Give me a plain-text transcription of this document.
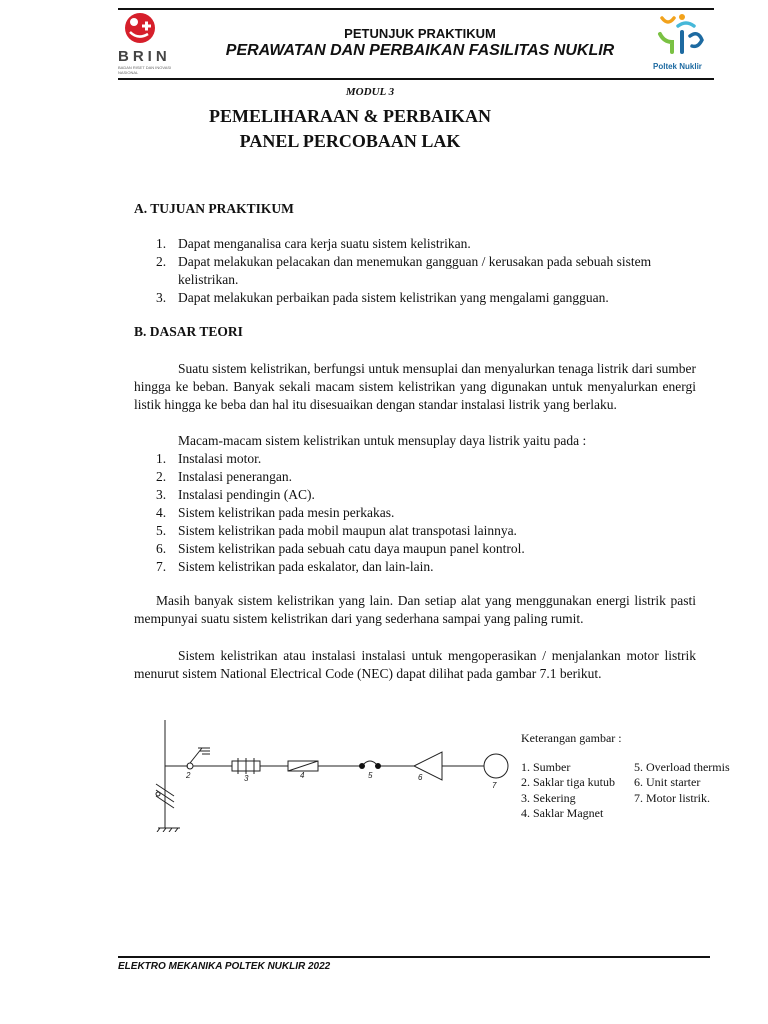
BRIN
BADAN RISET DAN INOVASI NASIONAL
PETUNJUK PRAKTIKUM
PERAWATAN DAN PERBAIKAN FASILITAS NUKLIR
Poltek Nuklir
MODUL 3
PEMELIHARAAN & PERBAIKAN
PANEL PERCOBAAN LAK
A. TUJUAN PRAKTIKUM
1. Dapat menganalisa cara kerja suatu sistem kelistrikan.
2. Dapat melakukan pelacakan dan menemukan gangguan / kerusakan pada sebuah sistem kelistrikan.
3. Dapat melakukan perbaikan pada sistem kelistrikan yang mengalami gangguan.
B. DASAR TEORI
Suatu sistem kelistrikan, berfungsi untuk mensuplai dan menyalurkan tenaga listrik dari sumber hingga ke beban. Banyak sekali macam sistem kelistrikan yang digunakan untuk menyalurkan energi listik hingga ke beba dan hal itu disesuaikan dengan standar instalasi listrik yang berlaku.
Macam-macam sistem kelistrikan untuk mensuplay daya listrik yaitu pada :
1. Instalasi motor.
2. Instalasi penerangan.
3. Instalasi pendingin (AC).
4. Sistem kelistrikan pada mesin perkakas.
5. Sistem kelistrikan pada mobil maupun alat transpotasi lainnya.
6. Sistem kelistrikan pada sebuah catu daya maupun panel kontrol.
7. Sistem kelistrikan pada eskalator, dan lain-lain.
Masih banyak sistem kelistrikan yang lain. Dan setiap alat yang menggunakan energi listrik pasti mempunyai suatu sistem kelistrikan dari yang sederhana sampai yang paling rumit.
Sistem kelistrikan atau instalasi instalasi untuk mengoperasikan / menjalankan motor listrik menurut sistem National Electrical Code (NEC) dapat dilihat pada gambar 7.1 berikut.
2	3	4	5	6
7
Keterangan gambar :
1. Sumber
2. Saklar tiga kutub
3. Sekering
4. Saklar Magnet
5. Overload thermis
6. Unit starter
7. Motor listrik.
ELEKTRO MEKANIKA POLTEK NUKLIR 2022
